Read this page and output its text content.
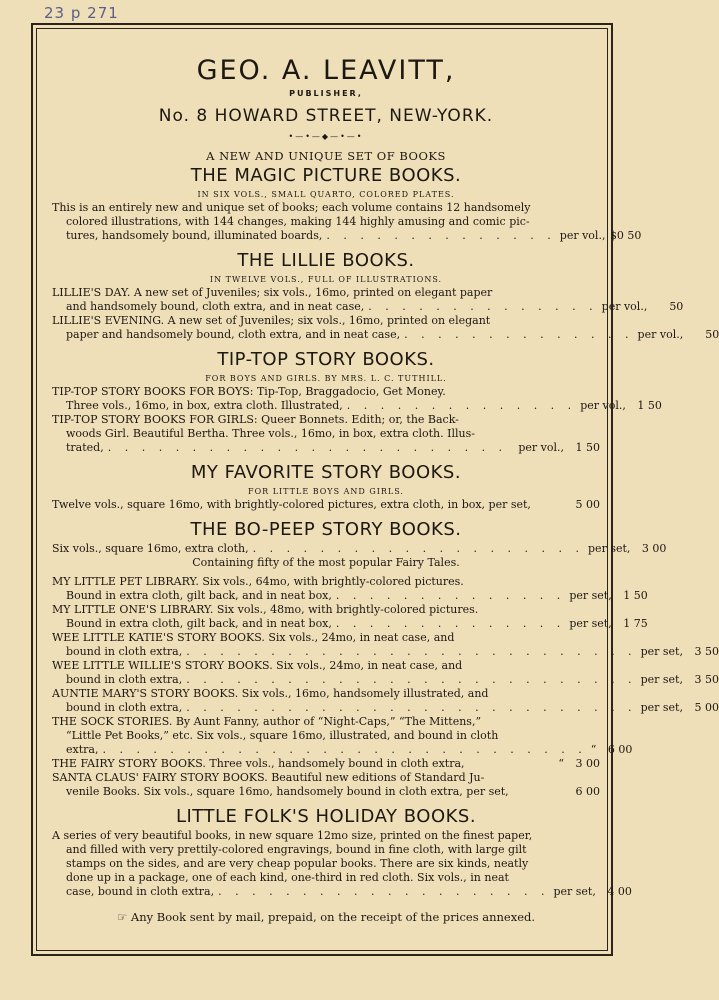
23 p 271
GEO. A. LEAVITT,
PUBLISHER,
No. 8 HOWARD STREET, NEW-YORK.
•—•—◆—•—•
A NEW AND UNIQUE SET OF BOOKS
THE MAGIC PICTURE BOOKS.
IN SIX VOLS., SMALL QUARTO, COLORED PLATES.
This is an entirely new and unique set of books; each volume contains 12 handsomely
colored illustrations, with 144 changes, making 144 highly amusing and comic pic-
tures, handsomely bound, illuminated boards, . . . . . . . . . . . . . . per vol., $0 50
THE LILLIE BOOKS.
IN TWELVE VOLS., FULL OF ILLUSTRATIONS.
LILLIE'S DAY. A new set of Juveniles; six vols., 16mo, printed on elegant paper
and handsomely bound, cloth extra, and in neat case, . . . . . . . . . . . . . . per vol.,	50
LILLIE'S EVENING. A new set of Juveniles; six vols., 16mo, printed on elegant
paper and handsomely bound, cloth extra, and in neat case, . . . . . . . . . . . . . . per vol.,	50
TIP-TOP STORY BOOKS.
FOR BOYS AND GIRLS. BY MRS. L. C. TUTHILL.
TIP-TOP STORY BOOKS FOR BOYS: Tip-Top, Braggadocio, Get Money.
Three vols., 16mo, in box, extra cloth. Illustrated, . . . . . . . . . . . . . . per vol.,	1 50
TIP-TOP STORY BOOKS FOR GIRLS: Queer Bonnets. Edith; or, the Back-
woods Girl. Beautiful Bertha. Three vols., 16mo, in box, extra cloth. Illus-
trated, . . . . . . . . . . . . . . . . . . . . . . . .	per vol.,	1 50
MY FAVORITE STORY BOOKS.
FOR LITTLE BOYS AND GIRLS.
Twelve vols., square 16mo, with brightly-colored pictures, extra cloth, in box, per set,	5 00
THE BO-PEEP STORY BOOKS.
Six vols., square 16mo, extra cloth, . . . . . . . . . . . . . . . . . . . . per set,	3 00
Containing fifty of the most popular Fairy Tales.
MY LITTLE PET LIBRARY. Six vols., 64mo, with brightly-colored pictures.
Bound in extra cloth, gilt back, and in neat box, . . . . . . . . . . . . . . per set,	1 50
MY LITTLE ONE'S LIBRARY. Six vols., 48mo, with brightly-colored pictures.
Bound in extra cloth, gilt back, and in neat box, . . . . . . . . . . . . . . per set,	1 75
WEE LITTLE KATIE'S STORY BOOKS. Six vols., 24mo, in neat case, and
bound in cloth extra, . . . . . . . . . . . . . . . . . . . . . . . . . . . per set,	3 50
WEE LITTLE WILLIE'S STORY BOOKS. Six vols., 24mo, in neat case, and
bound in cloth extra, . . . . . . . . . . . . . . . . . . . . . . . . . . . per set,	3 50
AUNTIE MARY'S STORY BOOKS. Six vols., 16mo, handsomely illustrated, and
bound in cloth extra, . . . . . . . . . . . . . . . . . . . . . . . . . . . per set,	5 00
THE SOCK STORIES. By Aunt Fanny, author of “Night-Caps,” “The Mittens,”
“Little Pet Books,” etc. Six vols., square 16mo, illustrated, and bound in cloth
extra, . . . . . . . . . . . . . . . . . . . . . . . . . . . . . “	6 00
THE FAIRY STORY BOOKS. Three vols., handsomely bound in cloth extra,	“	3 00
SANTA CLAUS' FAIRY STORY BOOKS. Beautiful new editions of Standard Ju-
venile Books. Six vols., square 16mo, handsomely bound in cloth extra, per set,	6 00
LITTLE FOLK'S HOLIDAY BOOKS.
A series of very beautiful books, in new square 12mo size, printed on the finest paper,
and filled with very prettily-colored engravings, bound in fine cloth, with large gilt
stamps on the sides, and are very cheap popular books. There are six kinds, neatly
done up in a package, one of each kind, one-third in red cloth. Six vols., in neat
case, bound in cloth extra, . . . . . . . . . . . . . . . . . . . . per set,	4 00
☞ Any Book sent by mail, prepaid, on the receipt of the prices annexed.
